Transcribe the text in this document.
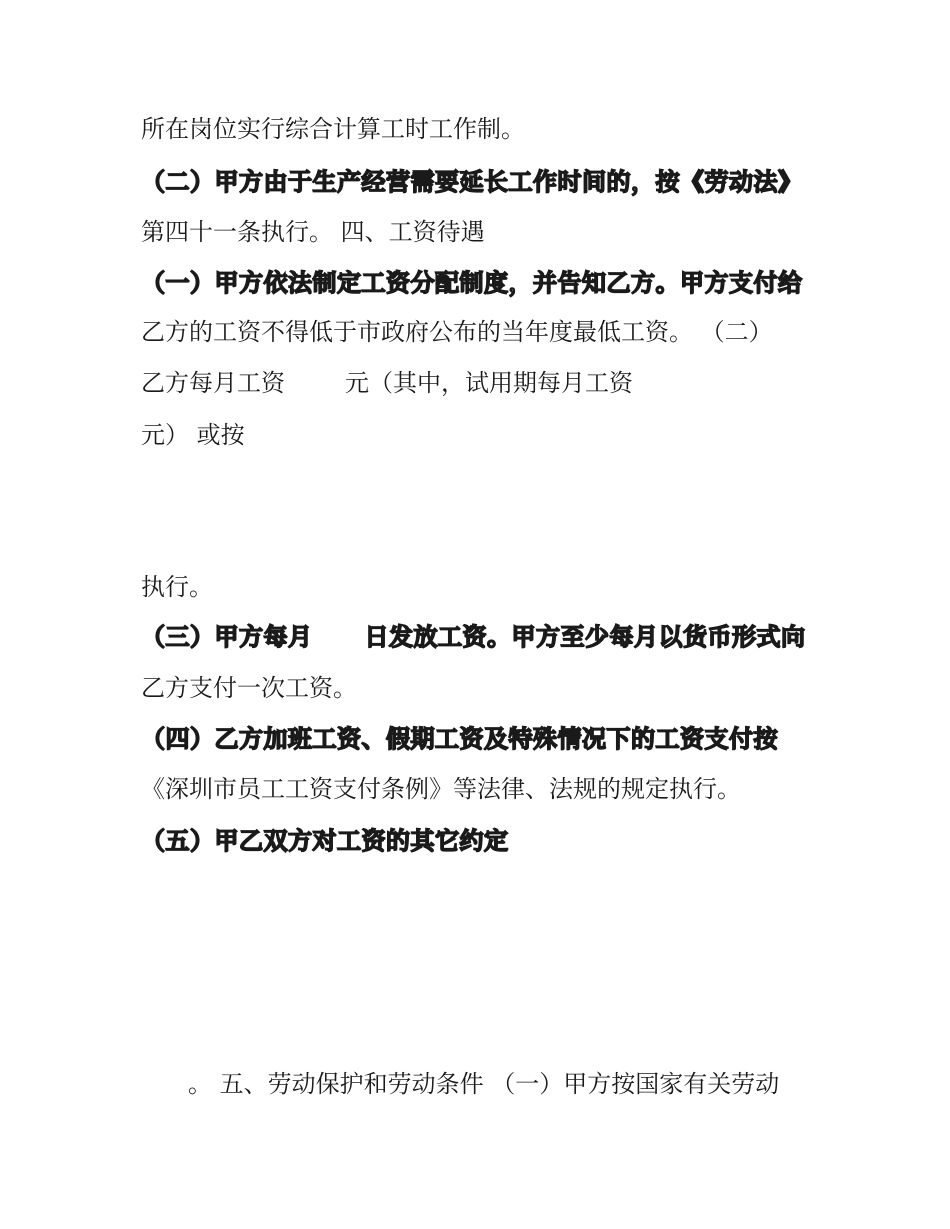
所在岗位实行综合计算工时工作制。

（二）甲方由于生产经营需要延长工作时间的，按《劳动法》

第四十一条执行。 四、工资待遇

（一）甲方依法制定工资分配制度，并告知乙方。甲方支付给

乙方的工资不得低于市政府公布的当年度最低工资。 （二）

乙方每月工资	元（其中，试用期每月工资

元） 或按

执行。

（三）甲方每月 日发放工资。甲方至少每月以货币形式向

乙方支付一次工资。

（四）乙方加班工资、假期工资及特殊情况下的工资支付按

《深圳市员工工资支付条例》等法律、法规的规定执行。

（五）甲乙双方对工资的其它约定

。 五、劳动保护和劳动条件 （一）甲方按国家有关劳动
